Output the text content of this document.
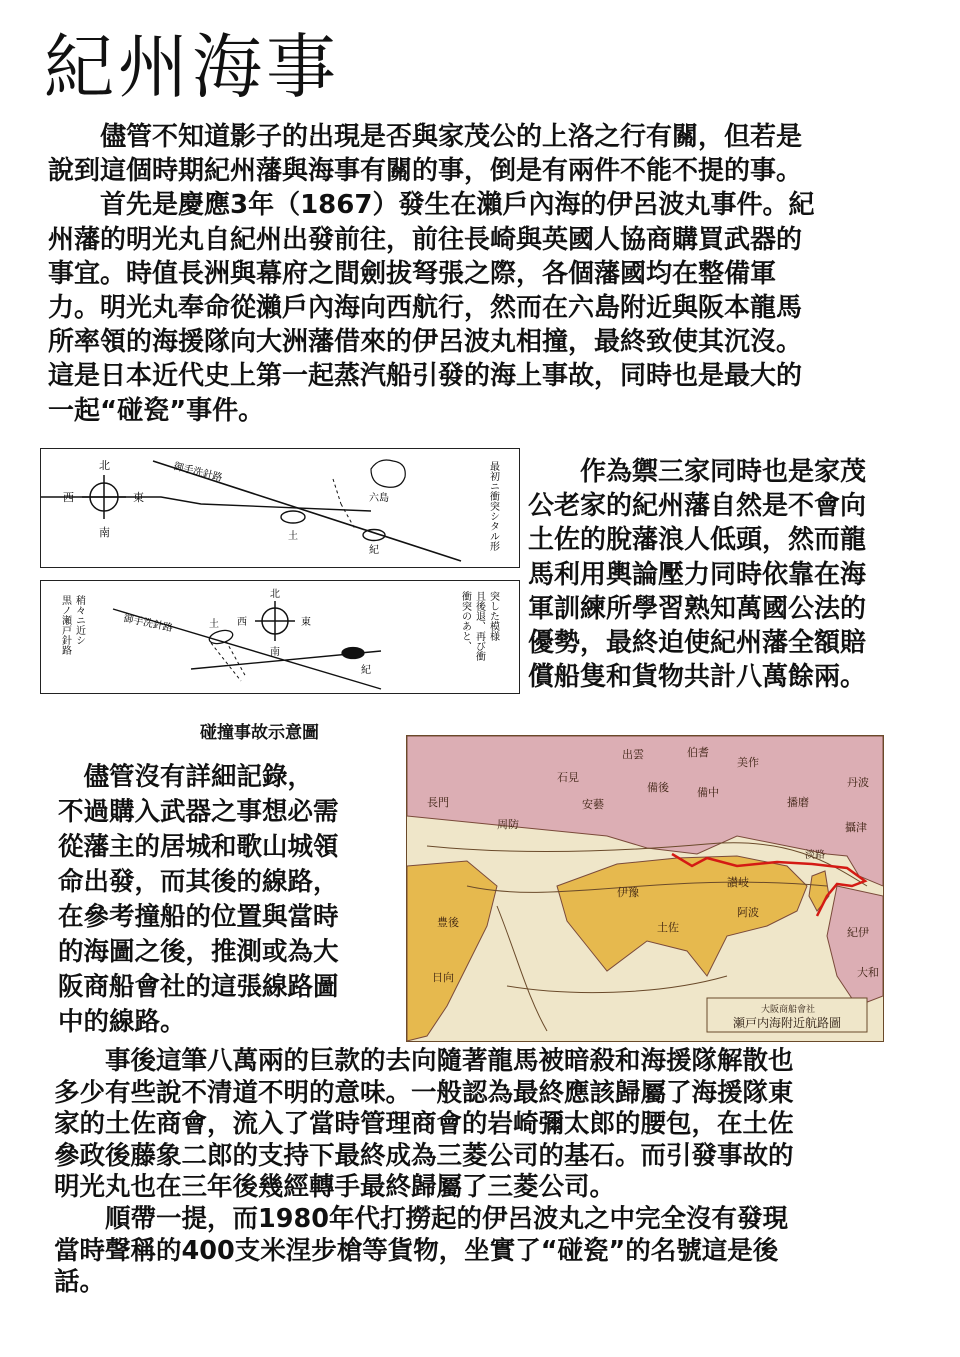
紀州海事
　　儘管不知道影子的出現是否與家茂公的上洛之行有關，但若是
說到這個時期紀州藩與海事有關的事，倒是有兩件不能不提的事。
　　首先是慶應3年（1867）發生在瀨戶內海的伊呂波丸事件。紀
州藩的明光丸自紀州出發前往，前往長崎與英國人協商購買武器的
事宜。時值長洲與幕府之間劍拔弩張之際，各個藩國均在整備軍
力。明光丸奉命從瀨戶內海向西航行，然而在六島附近與阪本龍馬
所率領的海援隊向大洲藩借來的伊呂波丸相撞，最終致使其沉沒。
這是日本近代史上第一起蒸汽船引發的海上事故，同時也是最大的
一起“碰瓷”事件。
北
南
西	東
御手洗針路
六島
土
紀	最初ニ衝突シタル形
黒ノ瀬戸針路 稍々ニ近シ
北
南
西	東
御手洗針路	土
紀
衝突のあと、 且後退、再び衝 突した模様
　　作為禦三家同時也是家茂
公老家的紀州藩自然是不會向
土佐的脫藩浪人低頭，然而龍
馬利用輿論壓力同時依靠在海
軍訓練所學習熟知萬國公法的
優勢，最終迫使紀州藩全額賠
償船隻和貨物共計八萬餘兩。
碰撞事故示意圖
　儘管沒有詳細記錄，
不過購入武器之事想必需
從藩主的居城和歌山城領
命出發，而其後的線路，
在參考撞船的位置與當時
的海圖之後，推測或為大
阪商船會社的這張線路圖
中的線路。	大阪商船會社
瀬戸内海附近航路圖
出雲
石見
伯耆
美作
備後	備中
安藝
長門
周防
伊豫
讃岐
阿波
土佐
日向
豊後
攝津
紀伊
淡路
丹波
大和
播磨
　　事後這筆八萬兩的巨款的去向隨著龍馬被暗殺和海援隊解散也
多少有些說不清道不明的意味。一般認為最終應該歸屬了海援隊東
家的土佐商會，流入了當時管理商會的岩崎彌太郎的腰包，在土佐
參政後藤象二郎的支持下最終成為三菱公司的基石。而引發事故的
明光丸也在三年後幾經轉手最終歸屬了三菱公司。
　　順帶一提，而1980年代打撈起的伊呂波丸之中完全沒有發現
當時聲稱的400支米涅步槍等貨物，坐實了“碰瓷”的名號這是後
話。
